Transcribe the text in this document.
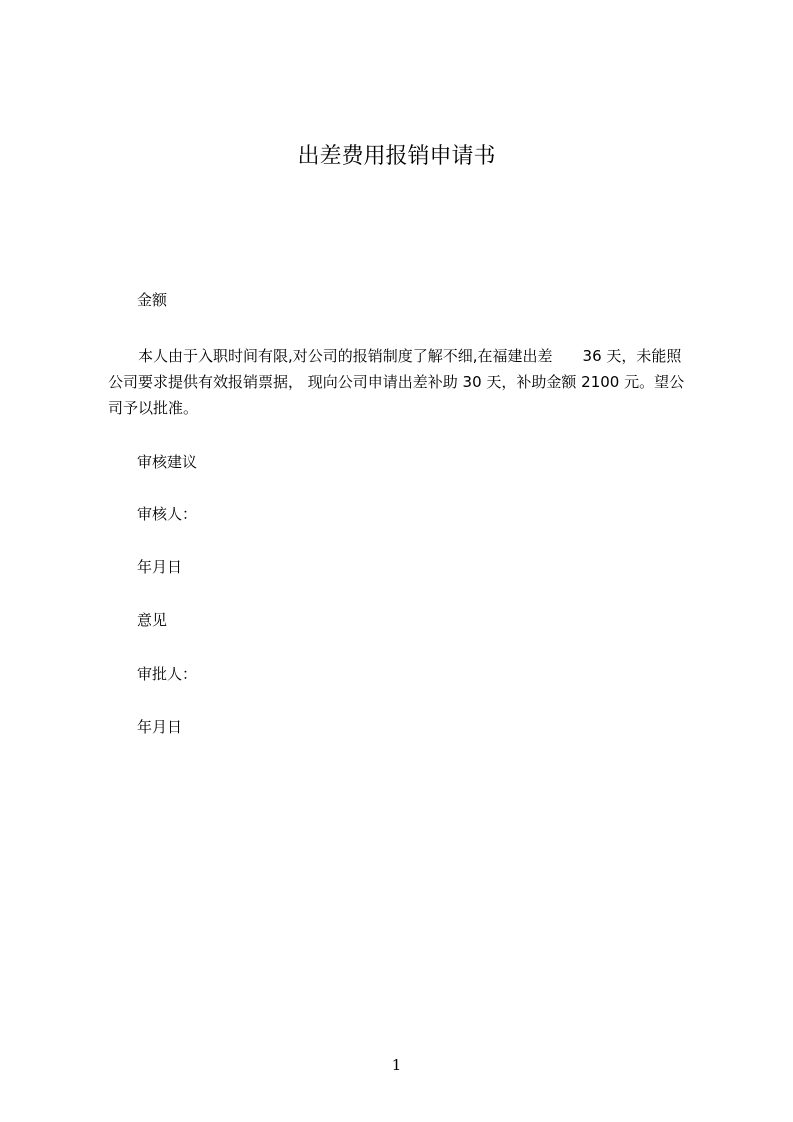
出差费用报销申请书
金额
　　本人由于入职时间有限,对公司的报销制度了解不细,在福建出差　　36 天，未能照
公司要求提供有效报销票据， 现向公司申请出差补助 30 天，补助金额 2100 元。望公
司予以批准。
审核建议
审核人：
年月日
意见
审批人：
年月日
1
